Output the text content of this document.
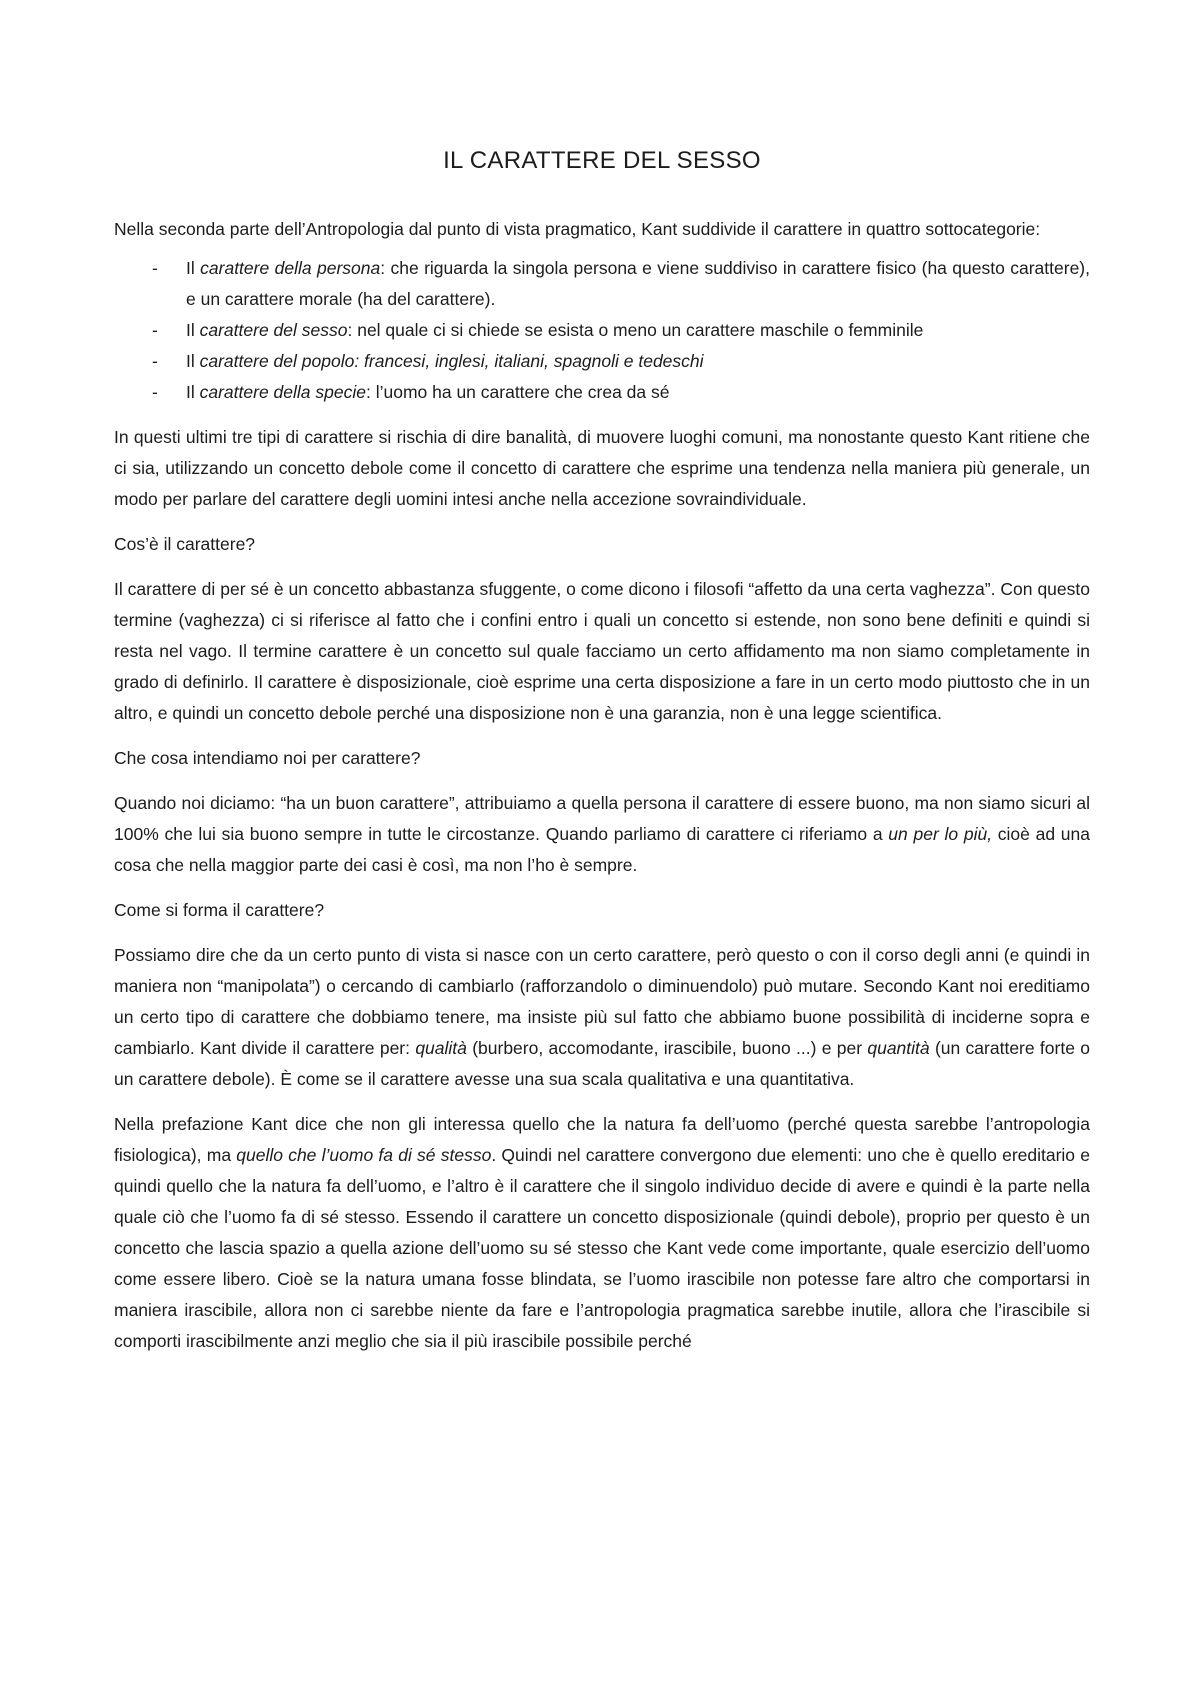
IL CARATTERE DEL SESSO

Nella seconda parte dell’Antropologia dal punto di vista pragmatico, Kant suddivide il carattere in quattro sottocategorie:

- Il carattere della persona: che riguarda la singola persona e viene suddiviso in carattere fisico (ha questo carattere), e un carattere morale (ha del carattere).
- Il carattere del sesso: nel quale ci si chiede se esista o meno un carattere maschile o femminile
- Il carattere del popolo: francesi, inglesi, italiani, spagnoli e tedeschi
- Il carattere della specie: l’uomo ha un carattere che crea da sé

In questi ultimi tre tipi di carattere si rischia di dire banalità, di muovere luoghi comuni, ma nonostante questo Kant ritiene che ci sia, utilizzando un concetto debole come il concetto di carattere che esprime una tendenza nella maniera più generale, un modo per parlare del carattere degli uomini intesi anche nella accezione sovraindividuale.

Cos’è il carattere?

Il carattere di per sé è un concetto abbastanza sfuggente, o come dicono i filosofi “affetto da una certa vaghezza”. Con questo termine (vaghezza) ci si riferisce al fatto che i confini entro i quali un concetto si estende, non sono bene definiti e quindi si resta nel vago. Il termine carattere è un concetto sul quale facciamo un certo affidamento ma non siamo completamente in grado di definirlo. Il carattere è disposizionale, cioè esprime una certa disposizione a fare in un certo modo piuttosto che in un altro, e quindi un concetto debole perché una disposizione non è una garanzia, non è una legge scientifica.

Che cosa intendiamo noi per carattere?

Quando noi diciamo: “ha un buon carattere”, attribuiamo a quella persona il carattere di essere buono, ma non siamo sicuri al 100% che lui sia buono sempre in tutte le circostanze. Quando parliamo di carattere ci riferiamo a un per lo più, cioè ad una cosa che nella maggior parte dei casi è così, ma non l’ho è sempre.

Come si forma il carattere?

Possiamo dire che da un certo punto di vista si nasce con un certo carattere, però questo o con il corso degli anni (e quindi in maniera non “manipolata”) o cercando di cambiarlo (rafforzandolo o diminuendolo) può mutare. Secondo Kant noi ereditiamo un certo tipo di carattere che dobbiamo tenere, ma insiste più sul fatto che abbiamo buone possibilità di inciderne sopra e cambiarlo. Kant divide il carattere per: qualità (burbero, accomodante, irascibile, buono ...) e per quantità (un carattere forte o un carattere debole). È come se il carattere avesse una sua scala qualitativa e una quantitativa.

Nella prefazione Kant dice che non gli interessa quello che la natura fa dell’uomo (perché questa sarebbe l’antropologia fisiologica), ma quello che l’uomo fa di sé stesso. Quindi nel carattere convergono due elementi: uno che è quello ereditario e quindi quello che la natura fa dell’uomo, e l’altro è il carattere che il singolo individuo decide di avere e quindi è la parte nella quale ciò che l’uomo fa di sé stesso. Essendo il carattere un concetto disposizionale (quindi debole), proprio per questo è un concetto che lascia spazio a quella azione dell’uomo su sé stesso che Kant vede come importante, quale esercizio dell’uomo come essere libero. Cioè se la natura umana fosse blindata, se l’uomo irascibile non potesse fare altro che comportarsi in maniera irascibile, allora non ci sarebbe niente da fare e l’antropologia pragmatica sarebbe inutile, allora che l’irascibile si comporti irascibilmente anzi meglio che sia il più irascibile possibile perché
